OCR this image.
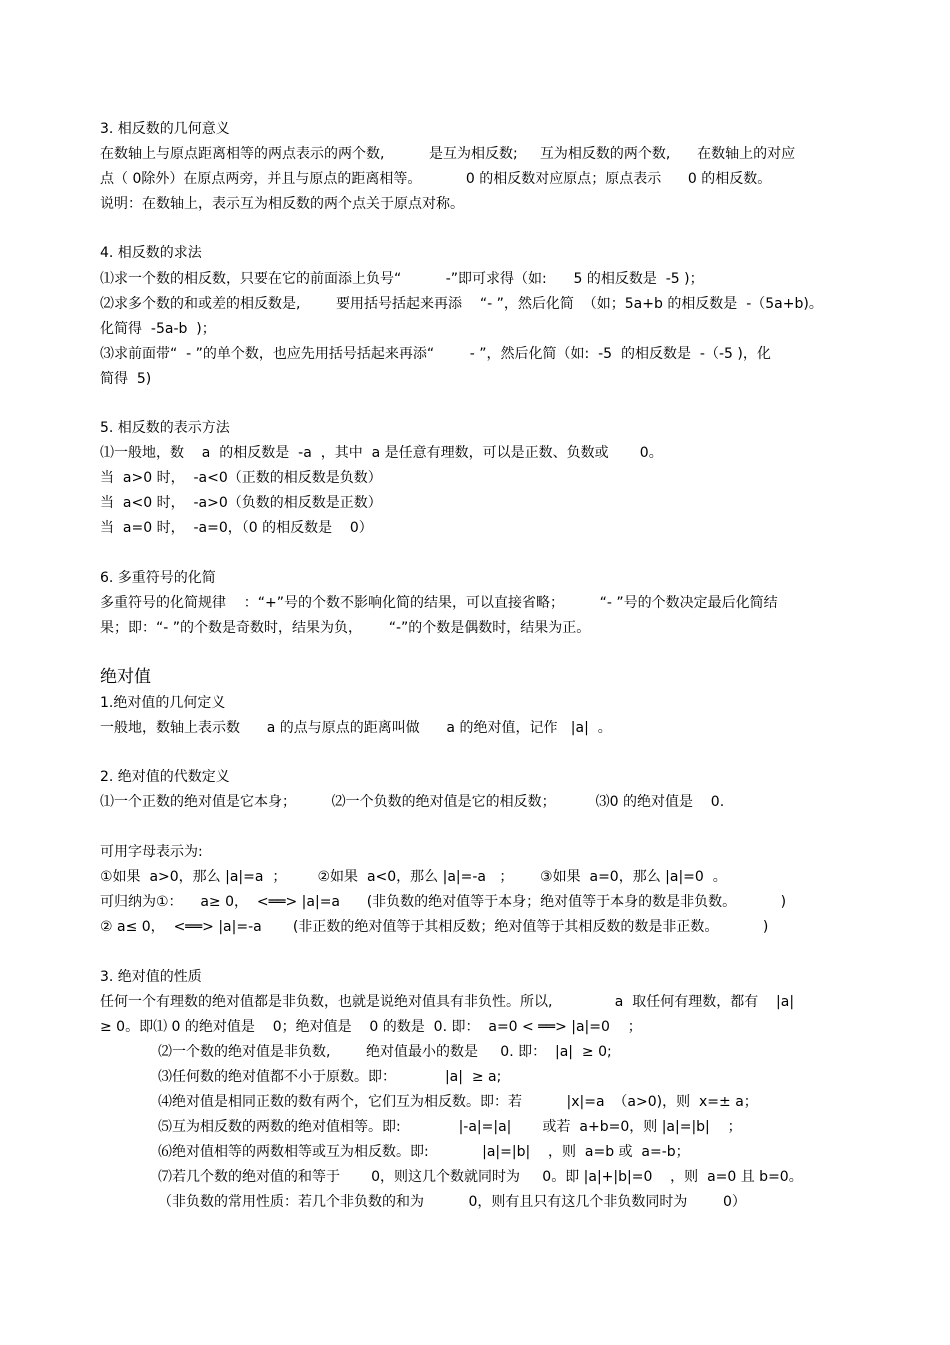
3. 相反数的几何意义
在数轴上与原点距离相等的两点表示的两个数,          是互为相反数;     互为相反数的两个数,      在数轴上的对应
点（ 0除外）在原点两旁，并且与原点的距离相等。          0 的相反数对应原点；原点表示      0 的相反数。
说明：在数轴上，表示互为相反数的两个点关于原点对称。
4. 相反数的求法
⑴求一个数的相反数，只要在它的前面添上负号“          -”即可求得（如:      5 的相反数是  -5 )；
⑵求多个数的和或差的相反数是,        要用括号括起来再添    “- ”，然后化简  （如；5a+b 的相反数是  -（5a+b)。
化简得  -5a-b  )；
⑶求前面带“  - ”的单个数，也应先用括号括起来再添“        - ”，然后化简（如:  -5  的相反数是  -（-5 )，化
简得  5)
5. 相反数的表示方法
⑴一般地，数    a  的相反数是  -a  ，其中  a 是任意有理数，可以是正数、负数或       0。
当  a>0 时，  -a<0（正数的相反数是负数）
当  a<0 时，  -a>0（负数的相反数是正数）
当  a=0 时，  -a=0，（0 的相反数是    0）
6. 多重符号的化简
多重符号的化简规律    ：“+”号的个数不影响化简的结果，可以直接省略；        “- ”号的个数决定最后化简结
果；即：“- ”的个数是奇数时，结果为负，      “-”的个数是偶数时，结果为正。
绝对值
1.绝对值的几何定义
一般地，数轴上表示数      a 的点与原点的距离叫做      a 的绝对值，记作   |a|  。
2. 绝对值的代数定义
⑴一个正数的绝对值是它本身；        ⑵一个负数的绝对值是它的相反数；         ⑶0 的绝对值是    0.
可用字母表示为:
①如果  a>0，那么 |a|=a  ；       ②如果  a<0，那么 |a|=-a   ；      ③如果  a=0，那么 |a|=0  。
可归纳为①：    a≥ 0，  <══> |a|=a      (非负数的绝对值等于本身；绝对值等于本身的数是非负数。          )
② a≤ 0，  <══> |a|=-a       (非正数的绝对值等于其相反数；绝对值等于其相反数的数是非正数。          )
3. 绝对值的性质
任何一个有理数的绝对值都是非负数，也就是说绝对值具有非负性。所以,              a  取任何有理数，都有    |a|
≥ 0。即⑴ 0 的绝对值是    0；绝对值是    0 的数是  0. 即：  a=0 < ══> |a|=0    ；
⑵一个数的绝对值是非负数,        绝对值最小的数是     0. 即：  |a|  ≥ 0;
⑶任何数的绝对值都不小于原数。即：           |a|  ≥ a;
⑷绝对值是相同正数的数有两个，它们互为相反数。即：若          |x|=a  （a>0)，则  x=± a；
⑸互为相反数的两数的绝对值相等。即:             |-a|=|a|       或若  a+b=0，则 |a|=|b|    ；
⑹绝对值相等的两数相等或互为相反数。即:            |a|=|b|    ，则  a=b 或  a=-b；
⑺若几个数的绝对值的和等于       0，则这几个数就同时为     0。即 |a|+|b|=0    ，则  a=0 且 b=0。
（非负数的常用性质：若几个非负数的和为          0，则有且只有这几个非负数同时为        0）
